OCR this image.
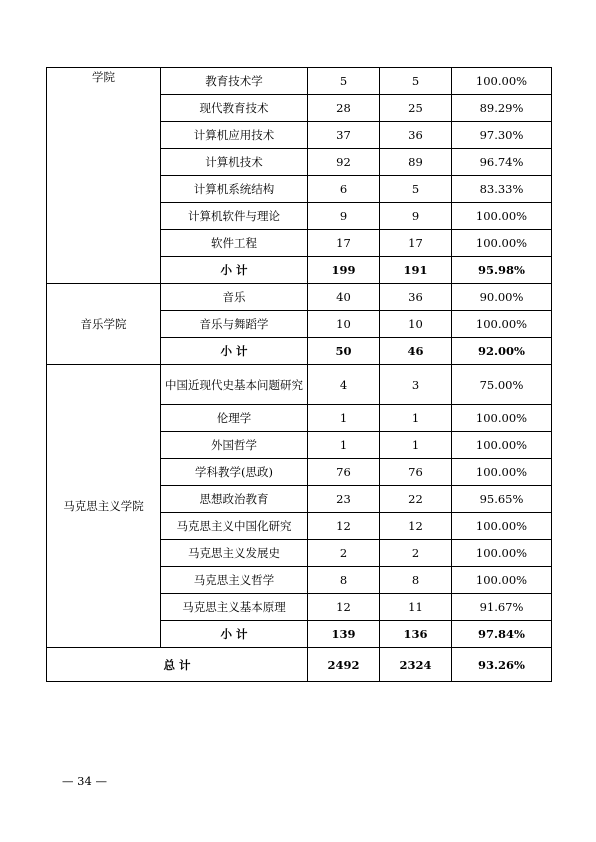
学院	教育技术学	5	5	100.00%
	现代教育技术	28	25	89.29%
	计算机应用技术	37	36	97.30%
	计算机技术	92	89	96.74%
	计算机系统结构	6	5	83.33%
	计算机软件与理论	9	9	100.00%
	软件工程	17	17	100.00%
	小 计	199	191	95.98%
音乐学院	音乐	40	36	90.00%
	音乐与舞蹈学	10	10	100.00%
	小 计	50	46	92.00%
马克思主义学院	中国近现代史基本问题研究	4	3	75.00%
	伦理学	1	1	100.00%
	外国哲学	1	1	100.00%
	学科教学(思政)	76	76	100.00%
	思想政治教育	23	22	95.65%
	马克思主义中国化研究	12	12	100.00%
	马克思主义发展史	2	2	100.00%
	马克思主义哲学	8	8	100.00%
	马克思主义基本原理	12	11	91.67%
	小 计	139	136	97.84%
总 计		2492	2324	93.26%
— 34 —
